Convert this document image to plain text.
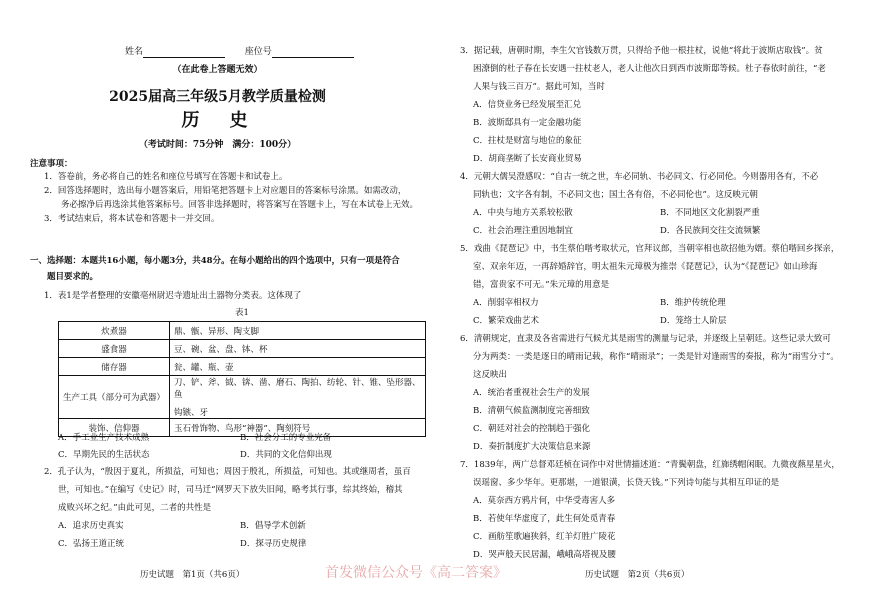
姓名	座位号
（在此卷上答题无效）
2025届高三年级5月教学质量检测
历　史
（考试时间：75分钟　满分：100分）
注意事项：
1．答卷前，务必将自己的姓名和座位号填写在答题卡和试卷上。
2．回答选择题时，选出每小题答案后，用铅笔把答题卡上对应题目的答案标号涂黑。如需改动，
　　务必擦净后再选涂其他答案标号。回答非选择题时，将答案写在答题卡上，写在本试卷上无效。
3．考试结束后，将本试卷和答题卡一并交回。
一、选择题：本题共16小题，每小题3分，共48分。在每小题给出的四个选项中，只有一项是符合
　　题目要求的。
1．表1是学者整理的安徽亳州尉迟寺遗址出土器物分类表。这体现了
表1
炊煮器	鼎、甑、异形、陶支脚
盛食器	豆、碗、盆、盘、钵、杯
储存器	瓮、罐、瓶、壶
生产工具（部分可为武器）	刀、铲、斧、钺、锛、凿、磨石、陶拍、纺轮、针、锥、坠形器、鱼
钩镞、牙

装饰、信仰器	玉石骨饰物、鸟形“神器”、陶刻符号
A．手工业生产技术成熟	B．社会分工的专业完备
C．早期先民的生活状态	D．共同的文化信仰出现
2．孔子认为，“殷因于夏礼，所损益，可知也；周因于殷礼，所损益，可知也。其或继周者，虽百
世，可知也。”在编写《史记》时，司马迁“网罗天下放失旧闻，略考其行事，综其终始，稽其
成败兴坏之纪。”由此可见，二者的共性是
A．追求历史真实	B．倡导学术创新
C．弘扬王道正统	D．探寻历史规律
历史试题　第1页（共6页）
3．据记载，唐朝时期，李生欠官钱数万贯，只得给予他一根拄杖，说他“将此于波斯店取钱”。贫
困潦倒的杜子春在长安遇一拄杖老人，老人让他次日到西市波斯邸等候。杜子春依时前往，“老
人果与钱三百万”。据此可知，当时
A．信贷业务已经发展至汇兑
B．波斯邸具有一定金融功能
C．拄杖是财富与地位的象征
D．胡商垄断了长安商业贸易
4．元朝大儒吴澄感叹：“自古一统之世，车必同轨、书必同文、行必同伦。今则器用各有，不必
同轨也；文字各有制，不必同文也；国土各有俗，不必同伦也”。这反映元朝
A．中央与地方关系较松散	B．不同地区文化割裂严重
C．社会治理注重因地制宜	D．各民族间交往交流频繁
5．戏曲《琵琶记》中，书生蔡伯喈考取状元，官拜议郎，当朝宰相也欲招他为婿。蔡伯喈回乡探亲，
室、双亲年迈，一再辞婚辞官，明太祖朱元璋极为推崇《琵琶记》，认为“《琵琶记》如山珍海
错，富贵家不可无。”朱元璋的用意是
A．削弱宰相权力	B．维护传统伦理
C．繁荣戏曲艺术	D．笼络士人阶层
6．清朝规定，直隶及各省需进行气候尤其是雨雪的测量与记录，并逐级上呈朝廷。这些记录大致可
分为两类：一类是逐日的晴雨记载，称作“晴雨录”；一类是针对逢雨雪的奏报，称为“雨雪分寸”。
这反映出
A．统治者重视社会生产的发展
B．清朝气候监测制度完善细致
C．朝廷对社会的控制趋于强化
D．奏折制度扩大决策信息来源
7．1839年，两广总督邓廷桢在词作中对世情描述道：“青鬓朝盘，红旆绣帽闲眠。九微夜爇星星火，
误瑶窗、多少华年。更那堪，一道银潢，长贷天钱。”下列诗句能与其相互印证的是
A．莫奈西方鸦片何，中华受毒害人多
B．若使年华虚度了，此生何处觅青春
C．画舫笙歌遍狭斜，红羊灯胜广陵花
D．哭声般天民居漏，峨峨高塔视及腰
首发微信公众号《高二答案》	历史试题　第2页（共6页）
